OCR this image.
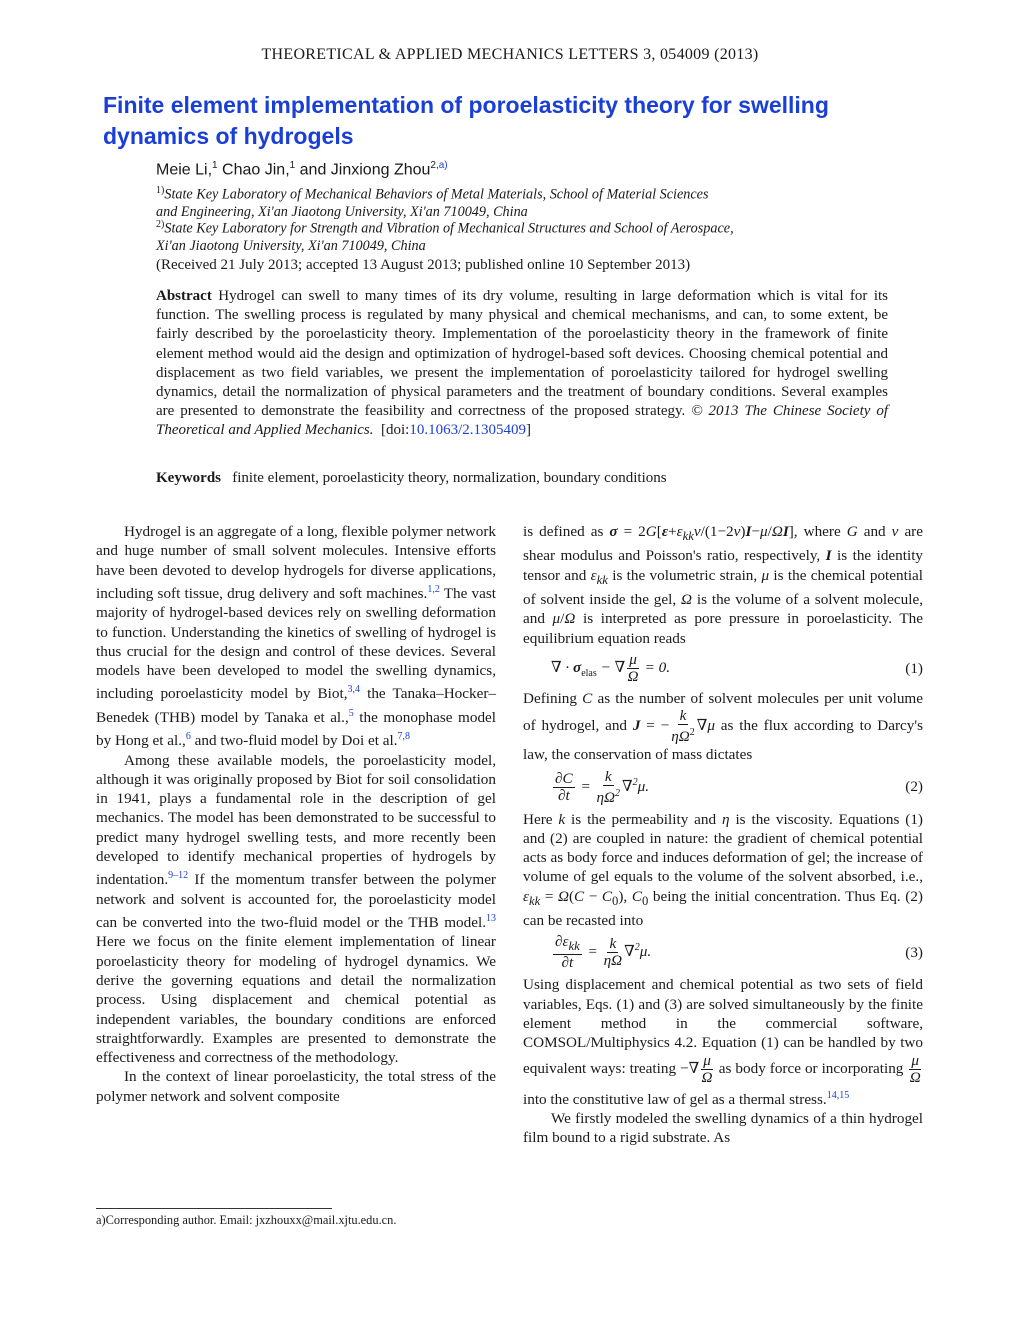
THEORETICAL & APPLIED MECHANICS LETTERS 3, 054009 (2013)
Finite element implementation of poroelasticity theory for swelling dynamics of hydrogels
Meie Li,$^1$ Chao Jin,$^1$ and Jinxiong Zhou$^{2,a)}$
$^{1)}$State Key Laboratory of Mechanical Behaviors of Metal Materials, School of Material Sciences
and Engineering, Xi'an Jiaotong University, Xi'an 710049, China
$^{2)}$State Key Laboratory for Strength and Vibration of Mechanical Structures and School of Aerospace,
Xi'an Jiaotong University, Xi'an 710049, China
(Received 21 July 2013; accepted 13 August 2013; published online 10 September 2013)
Abstract Hydrogel can swell to many times of its dry volume, resulting in large deformation which is vital for its function. The swelling process is regulated by many physical and chemical mechanisms, and can, to some extent, be fairly described by the poroelasticity theory. Implementation of the poroelasticity theory in the framework of finite element method would aid the design and optimization of hydrogel-based soft devices. Choosing chemical potential and displacement as two field variables, we present the implementation of poroelasticity tailored for hydrogel swelling dynamics, detail the normalization of physical parameters and the treatment of boundary conditions. Several examples are presented to demonstrate the feasibility and correctness of the proposed strategy. © 2013 The Chinese Society of Theoretical and Applied Mechanics. [doi:10.1063/2.1305409]
Keywords finite element, poroelasticity theory, normalization, boundary conditions

Hydrogel is an aggregate of a long, flexible polymer network and huge number of small solvent molecules. Intensive efforts have been devoted to develop hydrogels for diverse applications, including soft tissue, drug delivery and soft machines.$^{1,2}$ The vast majority of hydrogel-based devices rely on swelling deformation to function. Understanding the kinetics of swelling of hydrogel is thus crucial for the design and control of these devices. Several models have been developed to model the swelling dynamics, including poroelasticity model by Biot,$^{3,4}$ the Tanaka–Hocker–Benedek (THB) model by Tanaka et al.,$^5$ the monophase model by Hong et al.,$^6$ and two-fluid model by Doi et al.$^{7,8}$

Among these available models, the poroelasticity model, although it was originally proposed by Biot for soil consolidation in 1941, plays a fundamental role in the description of gel mechanics. The model has been demonstrated to be successful to predict many hydrogel swelling tests, and more recently been developed to identify mechanical properties of hydrogels by indentation.$^{9-12}$ If the momentum transfer between the polymer network and solvent is accounted for, the poroelasticity model can be converted into the two-fluid model or the THB model.$^{13}$ Here we focus on the finite element implementation of linear poroelasticity theory for modeling of hydrogel dynamics. We derive the governing equations and detail the normalization process. Using displacement and chemical potential as independent variables, the boundary conditions are enforced straightforwardly. Examples are presented to demonstrate the effectiveness and correctness of the methodology.

In the context of linear poroelasticity, the total stress of the polymer network and solvent composite

is defined as $\sigma = 2G[\varepsilon+\varepsilon_{kk}\nu/(1-2\nu)I-\mu/\Omega I]$, where G and ν are shear modulus and Poisson's ratio, respectively, I is the identity tensor and $\varepsilon_{kk}$ is the volumetric strain, μ is the chemical potential of solvent inside the gel, Ω is the volume of a solvent molecule, and μ/Ω is interpreted as pore pressure in poroelasticity. The equilibrium equation reads

∇ · $\sigma_{elas}$ − ∇ $\frac{\mu}{\Omega} = 0$.	(1)

Defining C as the number of solvent molecules per unit volume of hydrogel, and J = − $\frac{k}{\eta\Omega^2} \nabla\mu$ as the flux according to Darcy's law, the conservation of mass dictates

$\frac{\partial C}{\partial t} = \frac{k}{\eta\Omega^2} \nabla^2\mu$.	(2)

Here k is the permeability and η is the viscosity. Equations (1) and (2) are coupled in nature: the gradient of chemical potential acts as body force and induces deformation of gel; the increase of volume of gel equals to the volume of the solvent absorbed, i.e., $\varepsilon_{kk} = \Omega(C - C_0)$, $C_0$ being the initial concentration. Thus Eq. (2) can be recasted into

$\frac{\partial\varepsilon_{kk}}{\partial t} = \frac{k}{\eta\Omega} \nabla^2\mu$.	(3)

Using displacement and chemical potential as two sets of field variables, Eqs. (1) and (3) are solved simultaneously by the finite element method in the commercial software, COMSOL/Multiphysics 4.2. Equation (1) can be handled by two equivalent ways: treating −∇ $\frac{\mu}{\Omega}$ as body force or incorporating $\frac{\mu}{\Omega}$
into the constitutive law of gel as a thermal stress.$^{14,15}$

We firstly modeled the swelling dynamics of a thin hydrogel film bound to a rigid substrate. As

a)Corresponding author. Email: jxzhouxx@mail.xjtu.edu.cn.
